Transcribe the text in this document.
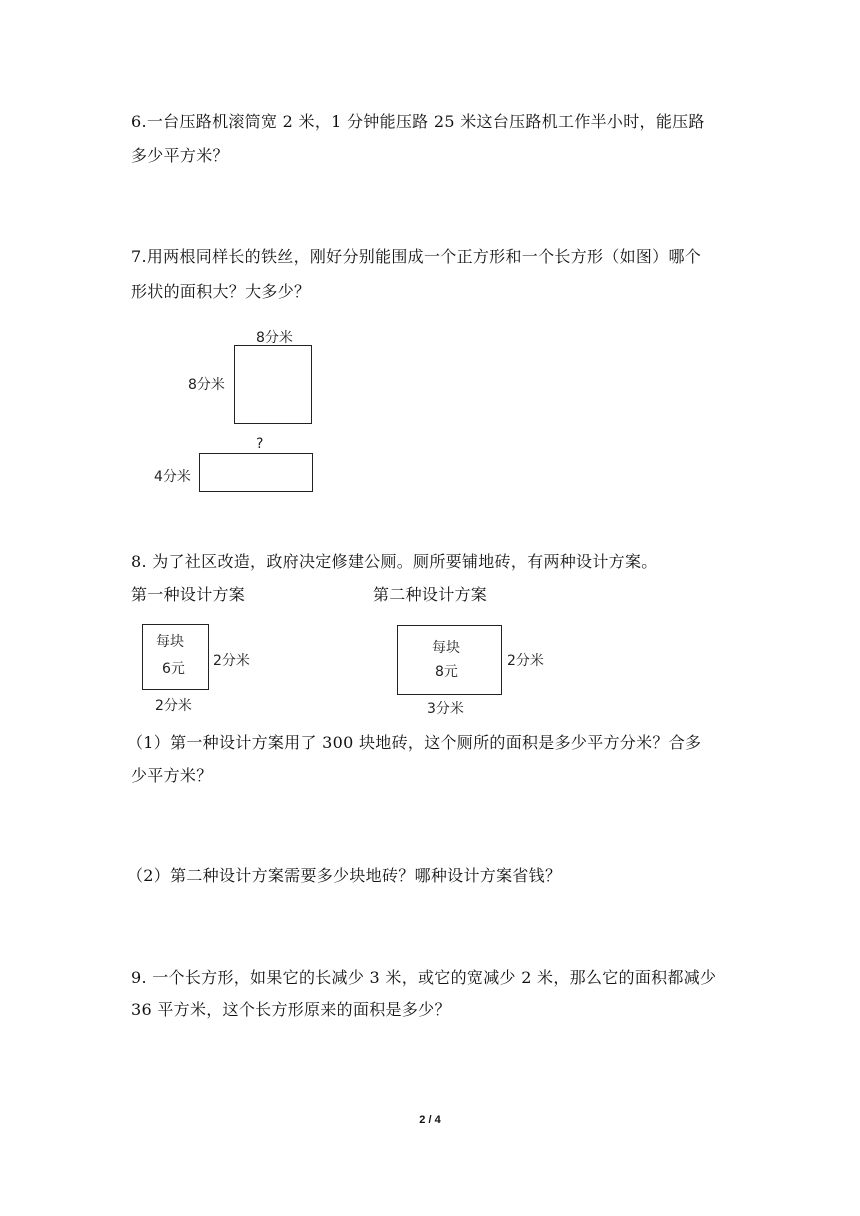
6.一台压路机滚筒宽 2 米，1 分钟能压路 25 米这台压路机工作半小时，能压路
多少平方米？
7.用两根同样长的铁丝，刚好分别能围成一个正方形和一个长方形（如图）哪个
形状的面积大？大多少？
8分米
8分米
?
4分米
8. 为了社区改造，政府决定修建公厕。厕所要铺地砖，有两种设计方案。
第一种设计方案	第二种设计方案
每块
6元 2分米
2分米
每块
8元
2分米
3分米
（1）第一种设计方案用了 300 块地砖，这个厕所的面积是多少平方分米？合多
少平方米？
（2）第二种设计方案需要多少块地砖？哪种设计方案省钱？
9. 一个长方形，如果它的长减少 3 米，或它的宽减少 2 米，那么它的面积都减少
36 平方米，这个长方形原来的面积是多少？
2 / 4
